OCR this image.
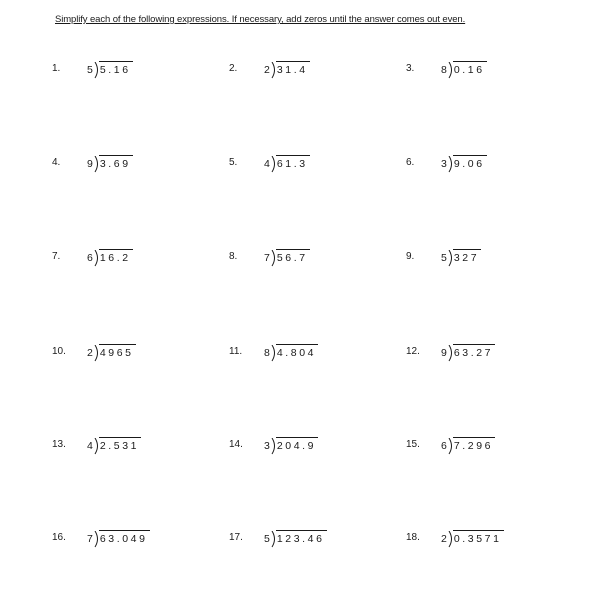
Simplify each of the following expressions. If necessary, add zeros until the answer comes out even.
1.	5 5.16	2.	2 31.4	3.	8 0.16
4.	9 3.69	5.	4 61.3	6.	3 9.06
7.	6 16.2	8.	7 56.7	9.	5 327
10.	2 4965	11.	8 4.804	12.	9 63.27
13.	4 2.531	14.	3 204.9	15.	6 7.296
16.	7 63.049	17.	5 123.46	18.	2 0.3571
